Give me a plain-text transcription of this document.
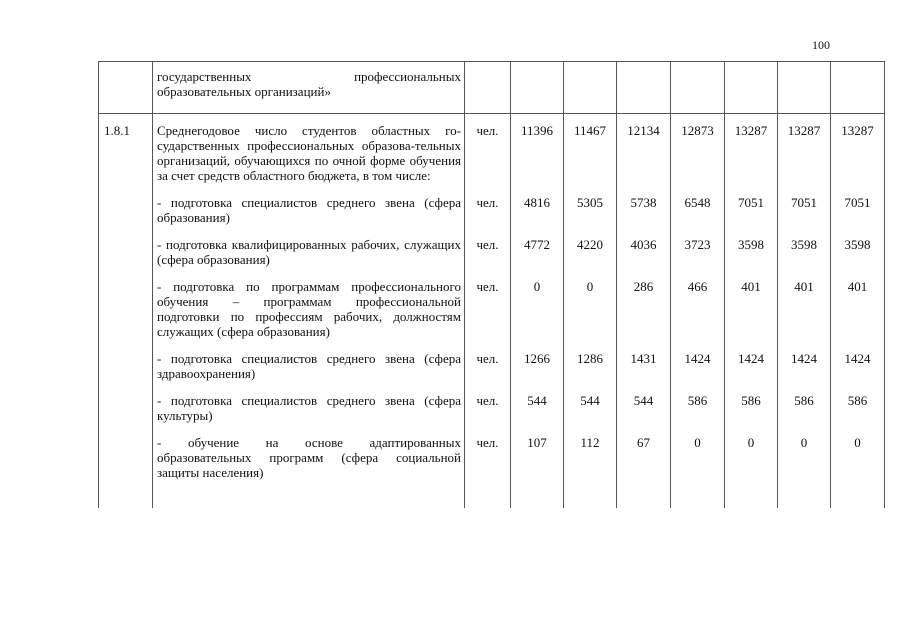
100

	государственных профессиональных
образовательных организаций»								

1.8.1	Среднегодовое число студентов областных го-сударственных профессиональных образова-тельных организаций, обучающихся по очной форме обучения за счет средств областного бюджета, в том числе:	чел.	11396	11467	12134	12873	13287	13287	13287

	- подготовка специалистов среднего звена (сфера образования)	чел.	4816	5305	5738	6548	7051	7051	7051

	- подготовка квалифицированных рабочих, служащих (сфера образования)	чел.	4772	4220	4036	3723	3598	3598	3598

	- подготовка по программам профессионального обучения – программам профессиональной подготовки по профессиям рабочих, должностям служащих (сфера образования)	чел.	0	0	286	466	401	401	401

	- подготовка специалистов среднего звена (сфера здравоохранения)	чел.	1266	1286	1431	1424	1424	1424	1424

	- подготовка специалистов среднего звена (сфера культуры)	чел.	544	544	544	586	586	586	586

	- обучение на основе адаптированных образовательных программ (сфера социальной защиты населения)	чел.	107	112	67	0	0	0	0
